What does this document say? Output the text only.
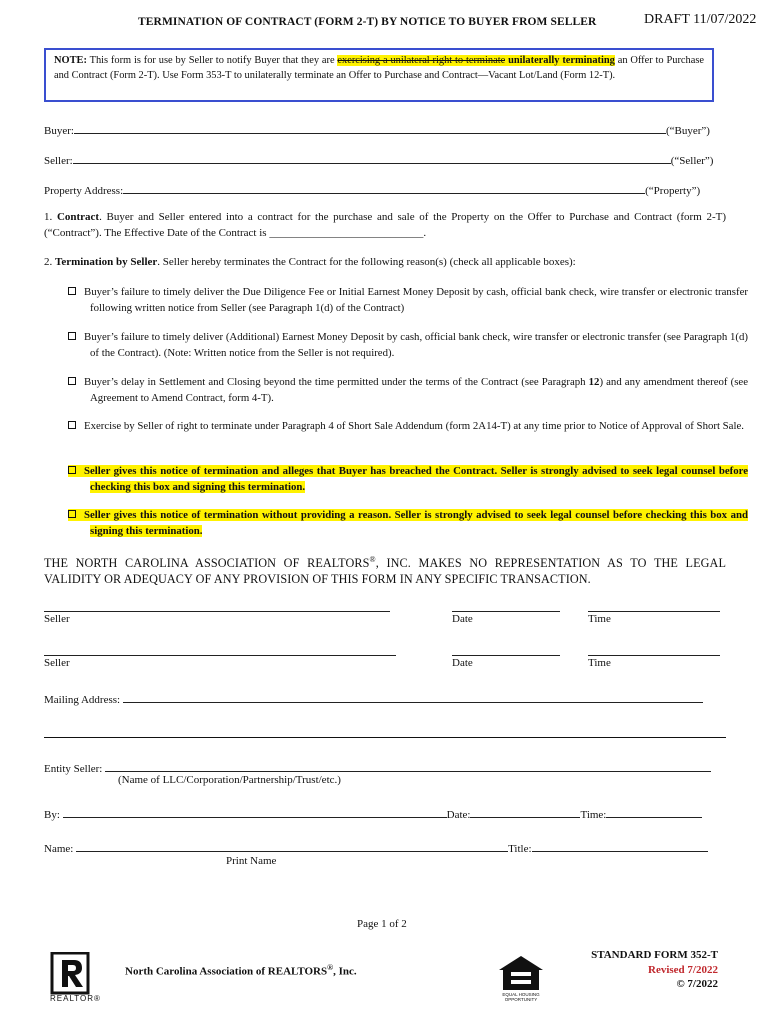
TERMINATION OF CONTRACT (FORM 2-T) BY NOTICE TO BUYER FROM SELLER	DRAFT 11/07/2022
NOTE: This form is for use by Seller to notify Buyer that they are exercising a unilateral right to terminate unilaterally terminating an Offer to Purchase and Contract (Form 2-T). Use Form 353-T to unilaterally terminate an Offer to Purchase and Contract—Vacant Lot/Land (Form 12-T).
Buyer:	(“Buyer”)
Seller:	(“Seller”)
Property Address:	(“Property”)
1. Contract. Buyer and Seller entered into a contract for the purchase and sale of the Property on the Offer to Purchase and Contract (form 2-T) (“Contract”). The Effective Date of the Contract is ____________________________.
2. Termination by Seller. Seller hereby terminates the Contract for the following reason(s) (check all applicable boxes):
Buyer’s failure to timely deliver the Due Diligence Fee or Initial Earnest Money Deposit by cash, official bank check, wire transfer or electronic transfer following written notice from Seller (see Paragraph 1(d) of the Contract)
Buyer’s failure to timely deliver (Additional) Earnest Money Deposit by cash, official bank check, wire transfer or electronic transfer (see Paragraph 1(d) of the Contract). (Note: Written notice from the Seller is not required).
Buyer’s delay in Settlement and Closing beyond the time permitted under the terms of the Contract (see Paragraph 12) and any amendment thereof (see Agreement to Amend Contract, form 4-T).
Exercise by Seller of right to terminate under Paragraph 4 of Short Sale Addendum (form 2A14-T) at any time prior to Notice of Approval of Short Sale.
Seller gives this notice of termination and alleges that Buyer has breached the Contract. Seller is strongly advised to seek legal counsel before checking this box and signing this termination.
Seller gives this notice of termination without providing a reason. Seller is strongly advised to seek legal counsel before checking this box and signing this termination.
THE NORTH CAROLINA ASSOCIATION OF REALTORS®, INC. MAKES NO REPRESENTATION AS TO THE LEGAL VALIDITY OR ADEQUACY OF ANY PROVISION OF THIS FORM IN ANY SPECIFIC TRANSACTION.
Seller	Date	Time
Seller	Date	Time
Mailing Address:
Entity Seller:
(Name of LLC/Corporation/Partnership/Trust/etc.)
By:	Date:	Time:
Name:	Title:
Print Name
Page 1 of 2
REALTOR®
North Carolina Association of REALTORS®, Inc.
EQUAL HOUSING OPPORTUNITY
STANDARD FORM 352-T
Revised 7/2022
© 7/2022
